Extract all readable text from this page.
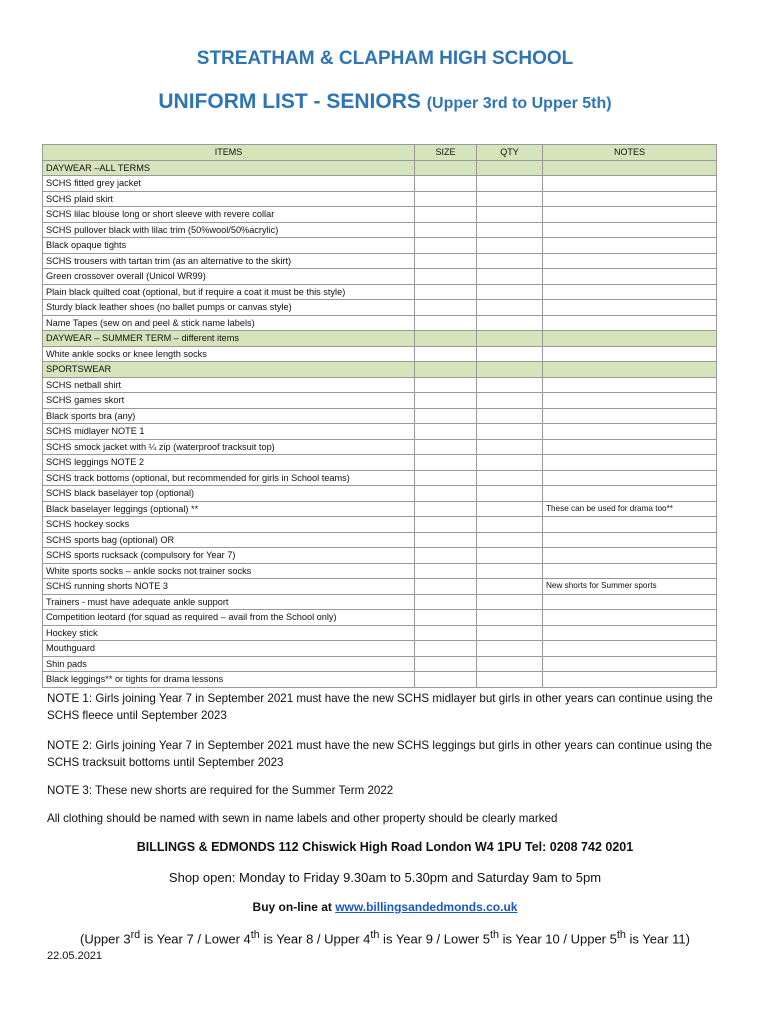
STREATHAM & CLAPHAM HIGH SCHOOL
UNIFORM LIST - SENIORS (Upper 3rd to Upper 5th)
ITEMS	SIZE	QTY	NOTES
DAYWEAR –ALL TERMS			
SCHS fitted grey jacket			
SCHS plaid skirt			
SCHS lilac blouse long or short sleeve with revere collar			
SCHS pullover black with lilac trim (50%wool/50%acrylic)			
Black opaque tights			
SCHS trousers with tartan trim (as an alternative to the skirt)			
Green crossover overall (Unicol WR99)			
Plain black quilted coat (optional, but if require a coat it must be this style)			
Sturdy black leather shoes (no ballet pumps or canvas style)			
Name Tapes (sew on and peel & stick name labels)			
DAYWEAR – SUMMER TERM – different items			
White ankle socks or knee length socks			
SPORTSWEAR			
SCHS netball shirt			
SCHS games skort			
Black sports bra (any)			
SCHS midlayer NOTE 1			
SCHS smock jacket with ¼ zip (waterproof tracksuit top)			
SCHS leggings NOTE 2			
SCHS track bottoms (optional, but recommended for girls in School teams)			
SCHS black baselayer top (optional)			
Black baselayer leggings (optional) **			These can be used for drama too**
SCHS hockey socks			
SCHS sports bag (optional) OR			
SCHS sports rucksack (compulsory for Year 7)			
White sports socks – ankle socks not trainer socks			
SCHS running shorts NOTE 3			New shorts for Summer sports
Trainers - must have adequate ankle support			
Competition leotard (for squad as required – avail from the School only)			
Hockey stick			
Mouthguard			
Shin pads			
Black leggings** or tights for drama lessons			
NOTE 1: Girls joining Year 7 in September 2021 must have the new SCHS midlayer but girls in other years can continue using the SCHS fleece until September 2023
NOTE 2: Girls joining Year 7 in September 2021 must have the new SCHS leggings but girls in other years can continue using the SCHS tracksuit bottoms until September 2023
NOTE 3: These new shorts are required for the Summer Term 2022
All clothing should be named with sewn in name labels and other property should be clearly marked
BILLINGS & EDMONDS 112 Chiswick High Road London W4 1PU Tel: 0208 742 0201
Shop open: Monday to Friday 9.30am to 5.30pm and Saturday 9am to 5pm
Buy on-line at www.billingsandedmonds.co.uk
(Upper 3rd is Year 7 / Lower 4th is Year 8 / Upper 4th is Year 9 / Lower 5th is Year 10 / Upper 5th is Year 11)
22.05.2021
